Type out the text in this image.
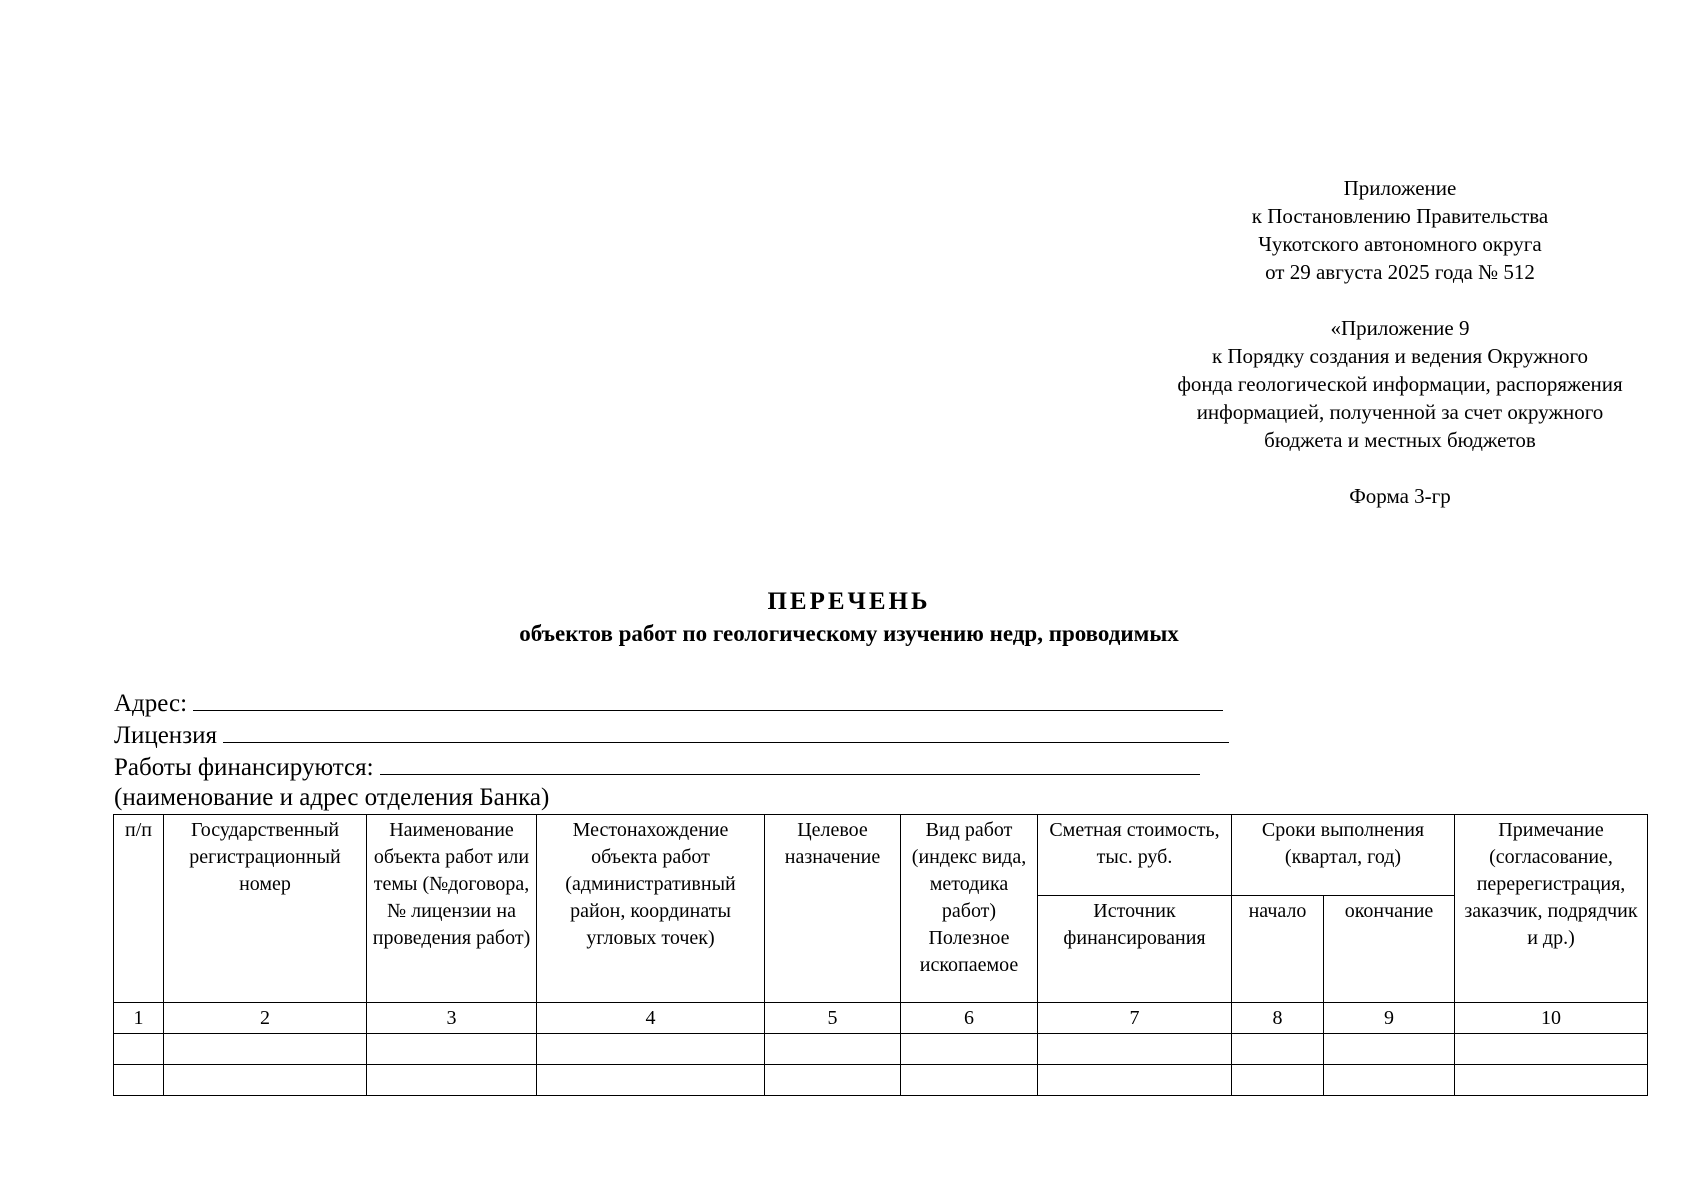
Приложение
к Постановлению Правительства
Чукотского автономного округа
от 29 августа 2025 года № 512
«Приложение 9
к Порядку создания и ведения Окружного
фонда геологической информации, распоряжения
информацией, полученной за счет окружного
бюджета и местных бюджетов
Форма 3-гр
ПЕРЕЧЕНЬ
объектов работ по геологическому изучению недр, проводимых
Адрес:
Лицензия
Работы финансируются:
(наименование и адрес отделения Банка)
п/п	Государственный регистрационный номер	Наименование объекта работ или темы (№договора, № лицензии на проведения работ)	Местонахождение объекта работ (административный район, координаты угловых точек)	Целевое назначение	Вид работ (индекс вида, методика работ) Полезное ископаемое	Сметная стоимость, тыс. руб.	Сроки выполнения (квартал, год)		Примечание (согласование, перерегистрация, заказчик, подрядчик и др.)
						Источник финансирования	начало	окончание	
1	2	3	4	5	6	7	8	9	10
